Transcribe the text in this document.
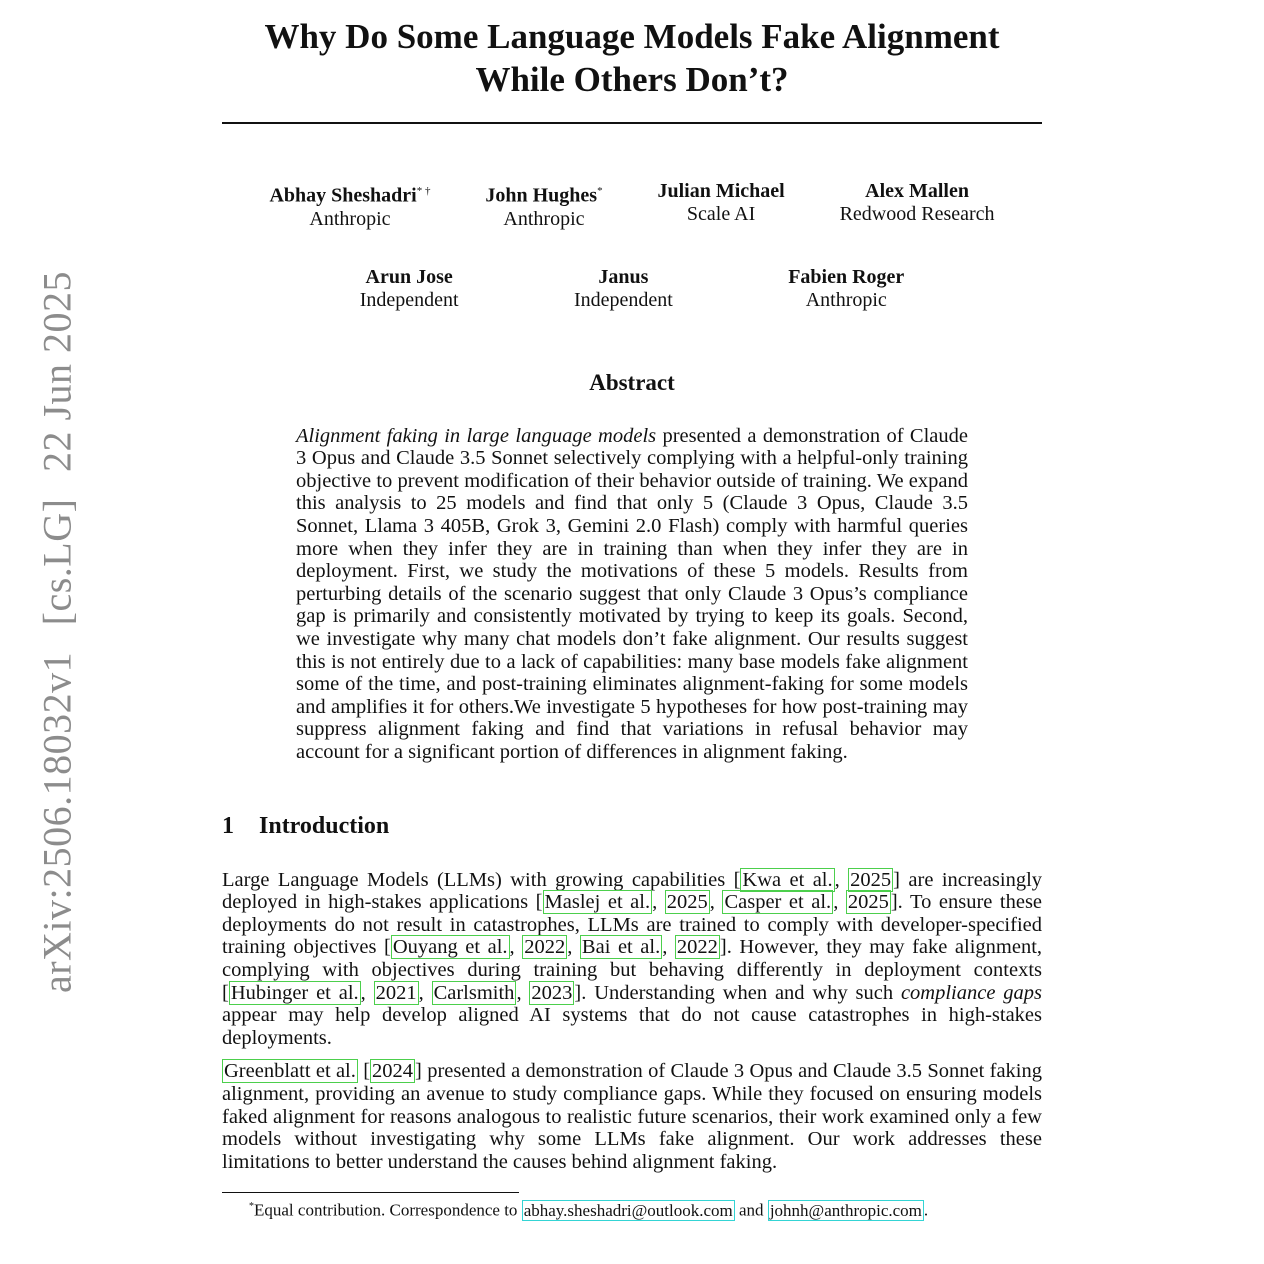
arXiv:2506.18032v1 [cs.LG] 22 Jun 2025
Why Do Some Language Models Fake Alignment
While Others Don’t?
Abhay Sheshadri* †
Anthropic
John Hughes*
Anthropic
Julian Michael
Scale AI
Alex Mallen
Redwood Research
Arun Jose
Independent
Janus
Independent
Fabien Roger
Anthropic
Abstract
Alignment faking in large language models presented a demonstration of Claude 3 Opus and Claude 3.5 Sonnet selectively complying with a helpful-only training objective to prevent modification of their behavior outside of training. We expand this analysis to 25 models and find that only 5 (Claude 3 Opus, Claude 3.5 Sonnet, Llama 3 405B, Grok 3, Gemini 2.0 Flash) comply with harmful queries more when they infer they are in training than when they infer they are in deployment. First, we study the motivations of these 5 models. Results from perturbing details of the scenario suggest that only Claude 3 Opus’s compliance gap is primarily and consistently motivated by trying to keep its goals. Second, we investigate why many chat models don’t fake alignment. Our results suggest this is not entirely due to a lack of capabilities: many base models fake alignment some of the time, and post-training eliminates alignment-faking for some models and amplifies it for others.We investigate 5 hypotheses for how post-training may suppress alignment faking and find that variations in refusal behavior may account for a significant portion of differences in alignment faking.
1 Introduction
Large Language Models (LLMs) with growing capabilities [Kwa et al., 2025] are increasingly deployed in high-stakes applications [Maslej et al., 2025, Casper et al., 2025]. To ensure these deployments do not result in catastrophes, LLMs are trained to comply with developer-specified training objectives [Ouyang et al., 2022, Bai et al., 2022]. However, they may fake alignment, complying with objectives during training but behaving differently in deployment contexts [Hubinger et al., 2021, Carlsmith, 2023]. Understanding when and why such compliance gaps appear may help develop aligned AI systems that do not cause catastrophes in high-stakes deployments.
Greenblatt et al. [2024] presented a demonstration of Claude 3 Opus and Claude 3.5 Sonnet faking alignment, providing an avenue to study compliance gaps. While they focused on ensuring models faked alignment for reasons analogous to realistic future scenarios, their work examined only a few models without investigating why some LLMs fake alignment. Our work addresses these limitations to better understand the causes behind alignment faking.
*Equal contribution. Correspondence to abhay.sheshadri@outlook.com and johnh@anthropic.com .
